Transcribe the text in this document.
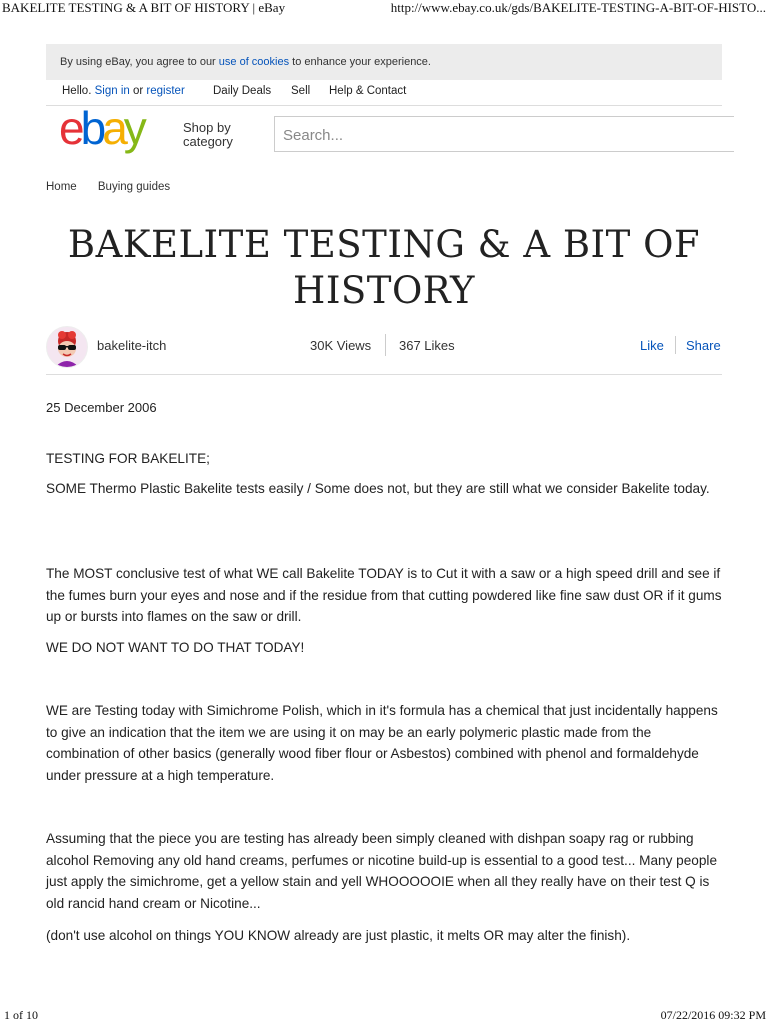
BAKELITE TESTING & A BIT OF HISTORY | eBay	http://www.ebay.co.uk/gds/BAKELITE-TESTING-A-BIT-OF-HISTO...
By using eBay, you agree to our use of cookies to enhance your experience.
Hello. Sign in or register Daily Deals Sell Help & Contact
ebay	Shop by
category	Search...
Home Buying guides
BAKELITE TESTING & A BIT OF HISTORY
bakelite-itch	30K Views 367 Likes	Like Share
25 December 2006

TESTING FOR BAKELITE;

SOME Thermo Plastic Bakelite tests easily / Some does not, but they are still what we consider Bakelite today.

The MOST conclusive test of what WE call Bakelite TODAY is to Cut it with a saw or a high speed drill and see if the fumes burn your eyes and nose and if the residue from that cutting powdered like fine saw dust OR if it gums up or bursts into flames on the saw or drill.

WE DO NOT WANT TO DO THAT TODAY!

WE are Testing today with Simichrome Polish, which in it's formula has a chemical that just incidentally happens to give an indication that the item we are using it on may be an early polymeric plastic made from the combination of other basics (generally wood fiber flour or Asbestos) combined with phenol and formaldehyde under pressure at a high temperature.

Assuming that the piece you are testing has already been simply cleaned with dishpan soapy rag or rubbing alcohol Removing any old hand creams, perfumes or nicotine build-up is essential to a good test... Many people just apply the simichrome, get a yellow stain and yell WHOOOOOIE when all they really have on their test Q is old rancid hand cream or Nicotine...

(don't use alcohol on things YOU KNOW already are just plastic, it melts OR may alter the finish).

1 of 10	07/22/2016 09:32 PM
